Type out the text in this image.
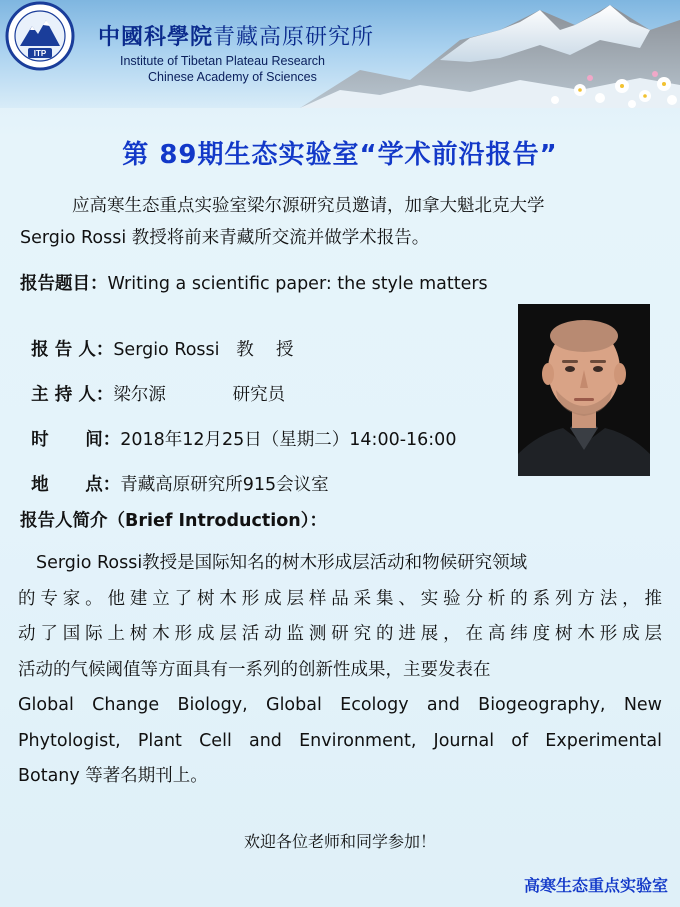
ITP
中國科學院青藏高原研究所
Institute of Tibetan Plateau Research
Chinese Academy of Sciences
第 89期生态实验室“学术前沿报告”
应高寒生态重点实验室梁尔源研究员邀请，加拿大魁北克大学
Sergio Rossi 教授将前来青藏所交流并做学术报告。
报告题目：Writing a scientific paper: the style matters

报 告 人：Sergio Rossi   教    授

主 持 人：梁尔源            研究员

时      间：2018年12月25日（星期二）14:00-16:00

地      点：青藏高原研究所915会议室

报告人简介（Brief Introduction）：
Sergio Rossi教授是国际知名的树木形成层活动和物候研究领域
的专家。他建立了树木形成层样品采集、实验分析的系列方法，推
动了国际上树木形成层活动监测研究的进展，在高纬度树木形成层
活动的气候阈值等方面具有一系列的创新性成果，主要发表在
Global Change Biology, Global Ecology and Biogeography, New
Phytologist, Plant Cell and Environment, Journal of Experimental
Botany 等著名期刊上。
欢迎各位老师和同学参加！
高寒生态重点实验室
